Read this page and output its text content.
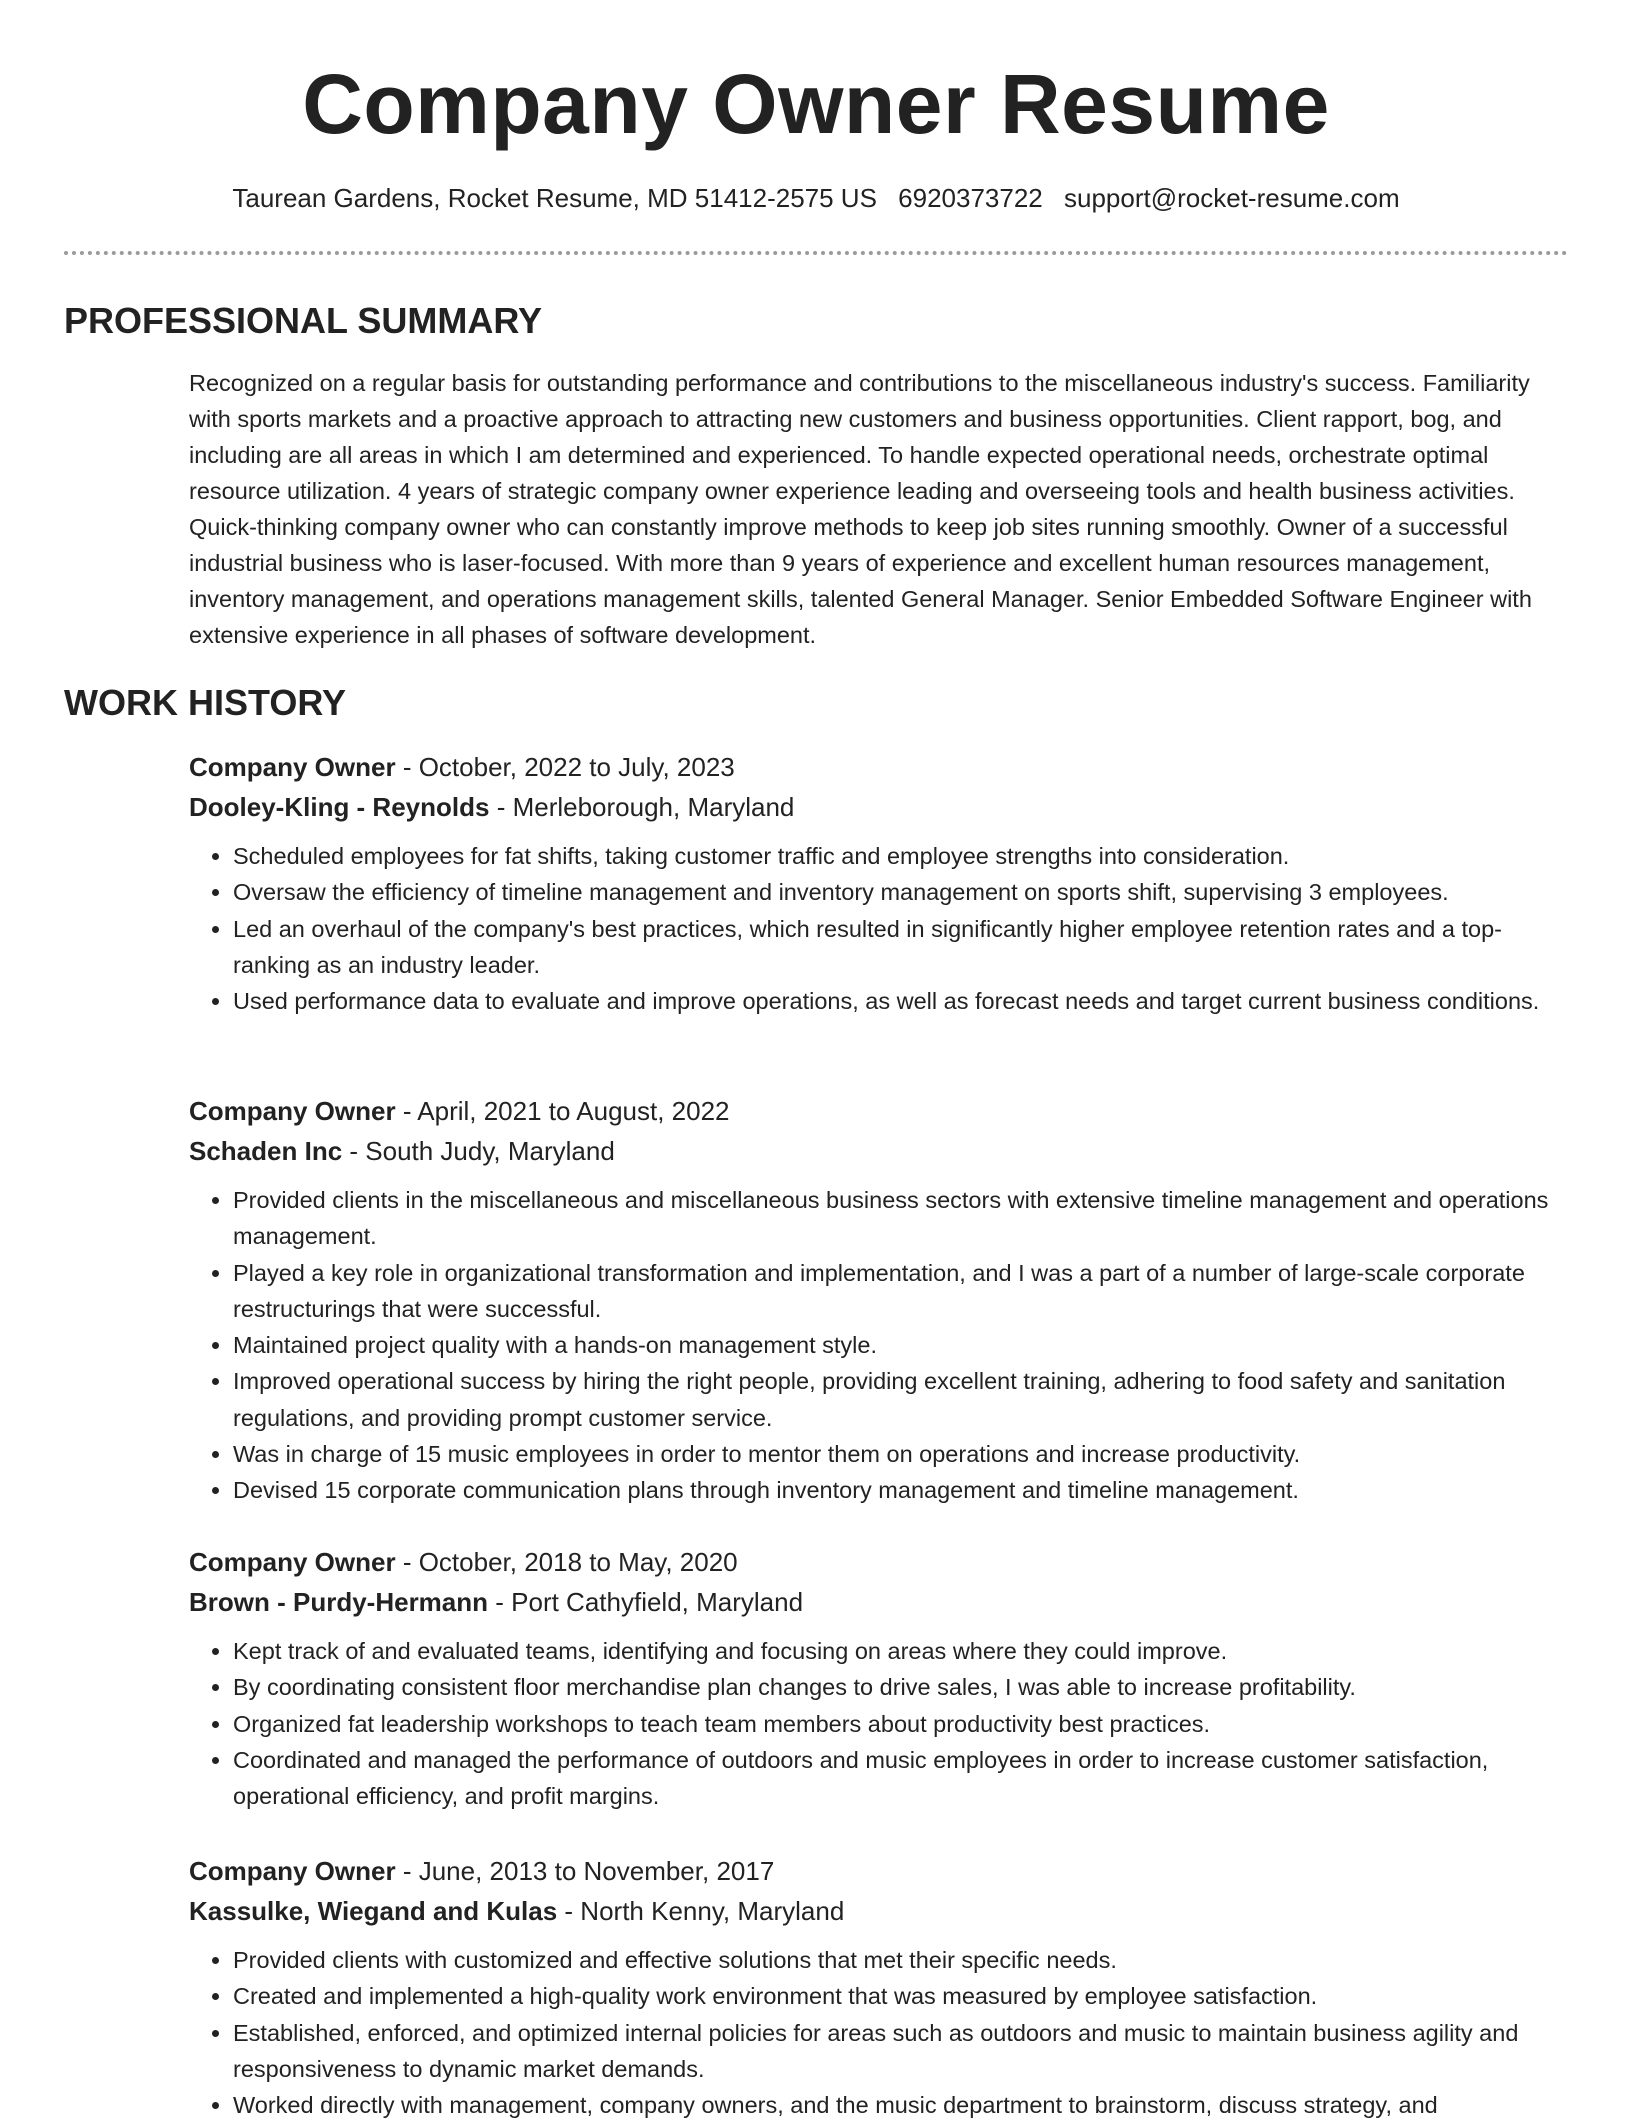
Company Owner Resume
Taurean Gardens, Rocket Resume, MD 51412-2575 US 6920373722 support@rocket-resume.com
PROFESSIONAL SUMMARY

Recognized on a regular basis for outstanding performance and contributions to the miscellaneous industry's success. Familiarity with sports markets and a proactive approach to attracting new customers and business opportunities. Client rapport, bog, and including are all areas in which I am determined and experienced. To handle expected operational needs, orchestrate optimal resource utilization. 4 years of strategic company owner experience leading and overseeing tools and health business activities. Quick-thinking company owner who can constantly improve methods to keep job sites running smoothly. Owner of a successful industrial business who is laser-focused. With more than 9 years of experience and excellent human resources management, inventory management, and operations management skills, talented General Manager. Senior Embedded Software Engineer with extensive experience in all phases of software development.

WORK HISTORY

Company Owner - October, 2022 to July, 2023

Dooley-Kling - Reynolds - Merleborough, Maryland

• Scheduled employees for fat shifts, taking customer traffic and employee strengths into consideration.
• Oversaw the efficiency of timeline management and inventory management on sports shift, supervising 3 employees.
• Led an overhaul of the company's best practices, which resulted in significantly higher employee retention rates and a top-ranking as an industry leader.
• Used performance data to evaluate and improve operations, as well as forecast needs and target current business conditions.

Company Owner - April, 2021 to August, 2022

Schaden Inc - South Judy, Maryland

• Provided clients in the miscellaneous and miscellaneous business sectors with extensive timeline management and operations management.
• Played a key role in organizational transformation and implementation, and I was a part of a number of large-scale corporate restructurings that were successful.
• Maintained project quality with a hands-on management style.
• Improved operational success by hiring the right people, providing excellent training, adhering to food safety and sanitation regulations, and providing prompt customer service.
• Was in charge of 15 music employees in order to mentor them on operations and increase productivity.
• Devised 15 corporate communication plans through inventory management and timeline management.

Company Owner - October, 2018 to May, 2020

Brown - Purdy-Hermann - Port Cathyfield, Maryland

• Kept track of and evaluated teams, identifying and focusing on areas where they could improve.
• By coordinating consistent floor merchandise plan changes to drive sales, I was able to increase profitability.
• Organized fat leadership workshops to teach team members about productivity best practices.
• Coordinated and managed the performance of outdoors and music employees in order to increase customer satisfaction, operational efficiency, and profit margins.

Company Owner - June, 2013 to November, 2017

Kassulke, Wiegand and Kulas - North Kenny, Maryland

• Provided clients with customized and effective solutions that met their specific needs.
• Created and implemented a high-quality work environment that was measured by employee satisfaction.
• Established, enforced, and optimized internal policies for areas such as outdoors and music to maintain business agility and responsiveness to dynamic market demands.
• Worked directly with management, company owners, and the music department to brainstorm, discuss strategy, and
